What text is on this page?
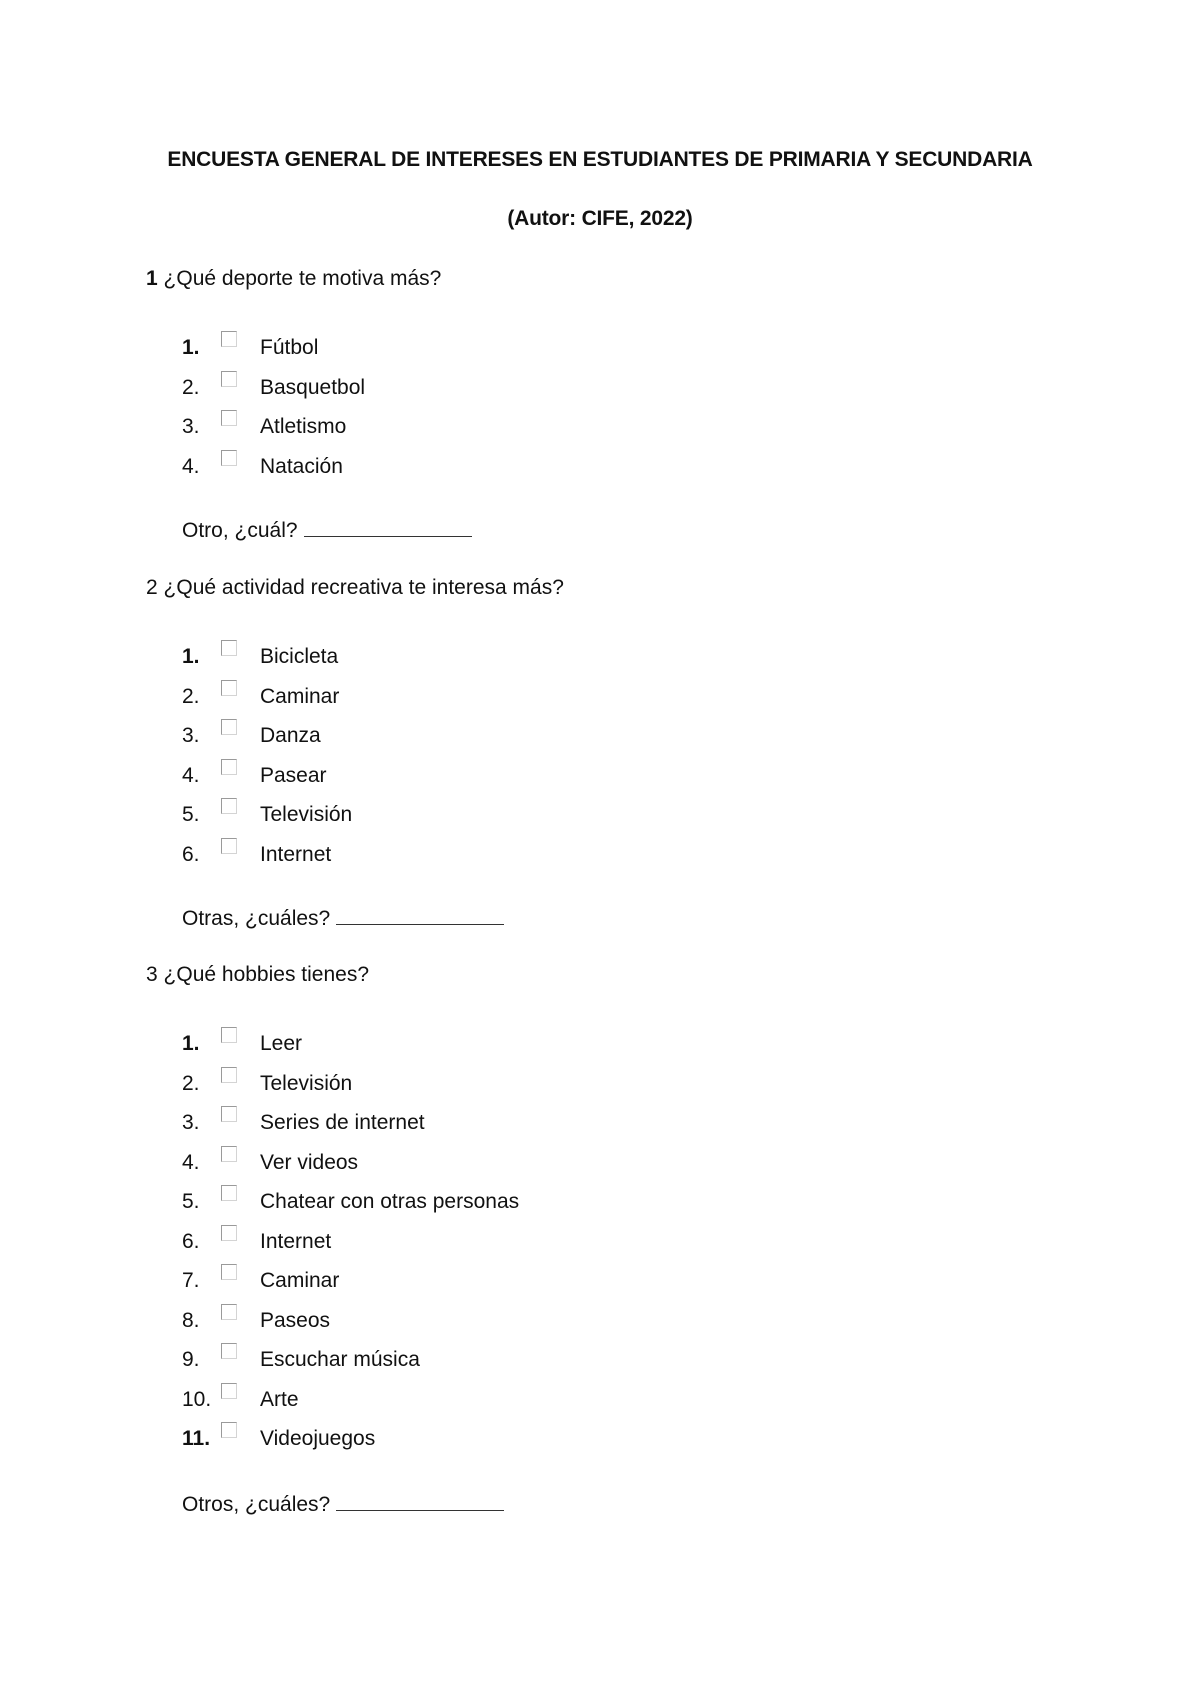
ENCUESTA GENERAL DE INTERESES EN ESTUDIANTES DE PRIMARIA Y SECUNDARIA
(Autor: CIFE, 2022)
1 ¿Qué deporte te motiva más?
1.	Fútbol
2.	Basquetbol
3.	Atletismo
4.	Natación
Otro, ¿cuál?
2 ¿Qué actividad recreativa te interesa más?
1.	Bicicleta
2.	Caminar
3.	Danza
4.	Pasear
5.	Televisión
6.	Internet
Otras, ¿cuáles?
3 ¿Qué hobbies tienes?
1.	Leer
2.	Televisión
3.	Series de internet
4.	Ver videos
5.	Chatear con otras personas
6.	Internet
7.	Caminar
8.	Paseos
9.	Escuchar música
10. Arte
11. Videojuegos
Otros, ¿cuáles?
